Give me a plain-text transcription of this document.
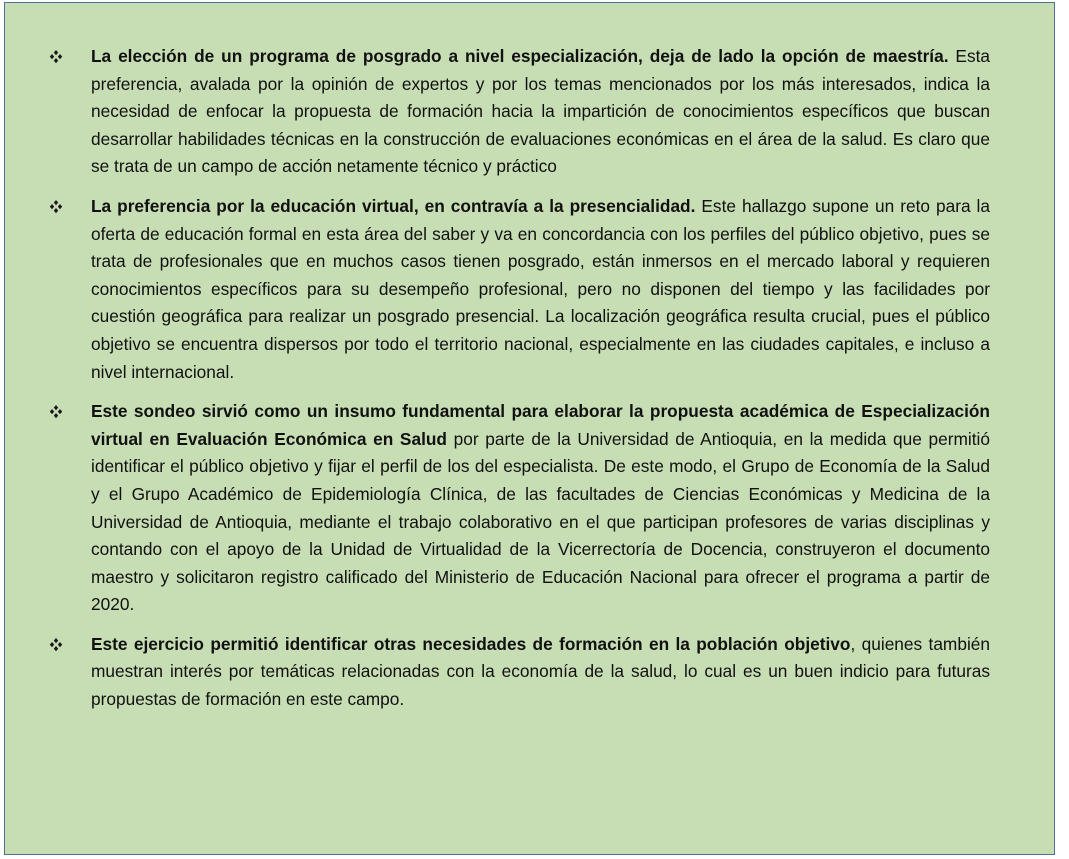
La elección de un programa de posgrado a nivel especialización, deja de lado la opción de maestría. Esta preferencia, avalada por la opinión de expertos y por los temas mencionados por los más interesados, indica la necesidad de enfocar la propuesta de formación hacia la impartición de conocimientos específicos que buscan desarrollar habilidades técnicas en la construcción de evaluaciones económicas en el área de la salud. Es claro que se trata de un campo de acción netamente técnico y práctico

La preferencia por la educación virtual, en contravía a la presencialidad. Este hallazgo supone un reto para la oferta de educación formal en esta área del saber y va en concordancia con los perfiles del público objetivo, pues se trata de profesionales que en muchos casos tienen posgrado, están inmersos en el mercado laboral y requieren conocimientos específicos para su desempeño profesional, pero no disponen del tiempo y las facilidades por cuestión geográfica para realizar un posgrado presencial. La localización geográfica resulta crucial, pues el público objetivo se encuentra dispersos por todo el territorio nacional, especialmente en las ciudades capitales, e incluso a nivel internacional.

Este sondeo sirvió como un insumo fundamental para elaborar la propuesta académica de Especialización virtual en Evaluación Económica en Salud por parte de la Universidad de Antioquia, en la medida que permitió identificar el público objetivo y fijar el perfil de los del especialista. De este modo, el Grupo de Economía de la Salud y el Grupo Académico de Epidemiología Clínica, de las facultades de Ciencias Económicas y Medicina de la Universidad de Antioquia, mediante el trabajo colaborativo en el que participan profesores de varias disciplinas y contando con el apoyo de la Unidad de Virtualidad de la Vicerrectoría de Docencia, construyeron el documento maestro y solicitaron registro calificado del Ministerio de Educación Nacional para ofrecer el programa a partir de 2020.

Este ejercicio permitió identificar otras necesidades de formación en la población objetivo, quienes también muestran interés por temáticas relacionadas con la economía de la salud, lo cual es un buen indicio para futuras propuestas de formación en este campo.
